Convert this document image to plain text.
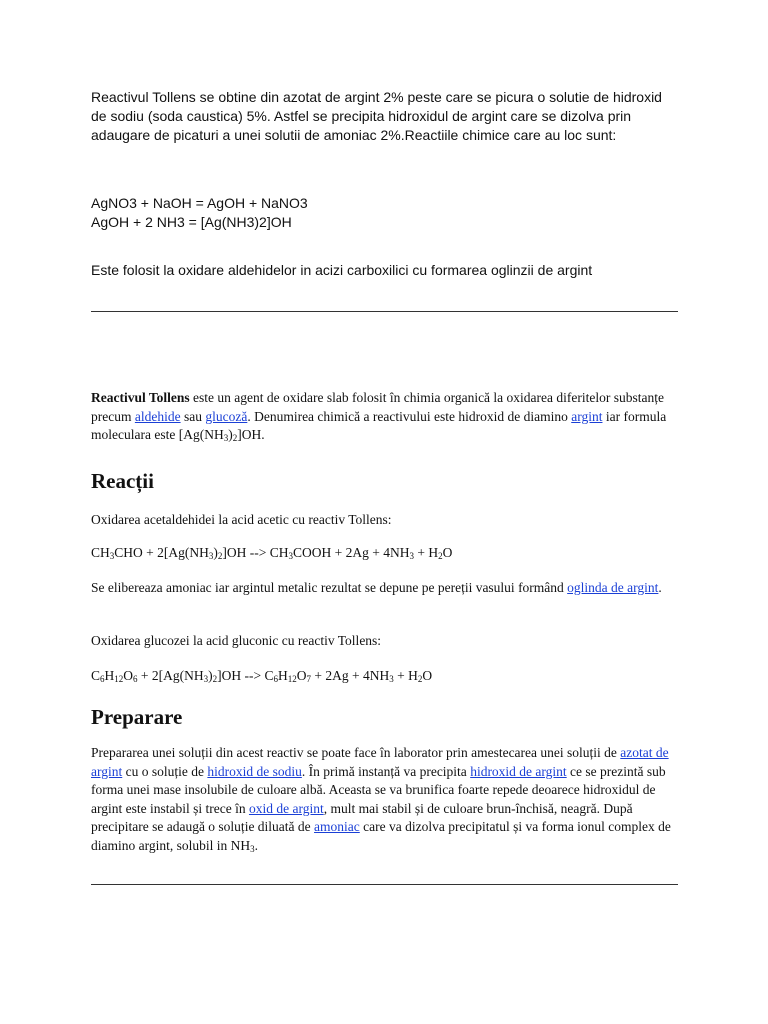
Reactivul Tollens se obtine din azotat de argint 2% peste care se picura o solutie de hidroxid de sodiu (soda caustica) 5%. Astfel se precipita hidroxidul de argint care se dizolva prin adaugare de picaturi a unei solutii de amoniac 2%.Reactiile chimice care au loc sunt:

AgNO3 + NaOH = AgOH + NaNO3
AgOH + 2 NH3 = [Ag(NH3)2]OH

Este folosit la oxidare aldehidelor in acizi carboxilici cu formarea oglinzii de argint

Reactivul Tollens este un agent de oxidare slab folosit în chimia organică la oxidarea diferitelor substanțe precum aldehide sau glucoză. Denumirea chimică a reactivului este hidroxid de diamino argint iar formula moleculara este $[Ag(NH_3)_2]OH$.

Reacții

Oxidarea acetaldehidei la acid acetic cu reactiv Tollens:

$CH_3CHO + 2[Ag(NH_3)_2]OH$ --> $CH_3COOH + 2Ag + 4NH_3 + H_2O$

Se elibereaza amoniac iar argintul metalic rezultat se depune pe pereții vasului formând oglinda de argint.

Oxidarea glucozei la acid gluconic cu reactiv Tollens:

$C_6H_{12}O_6 + 2[Ag(NH_3)_2]OH$ --> $C_6H_{12}O_7 + 2Ag + 4NH_3 + H_2O$

Preparare

Prepararea unei soluții din acest reactiv se poate face în laborator prin amestecarea unei soluții de azotat de argint cu o soluție de hidroxid de sodiu. În primă instanță va precipita hidroxid de argint ce se prezintă sub forma unei mase insolubile de culoare albă. Aceasta se va brunifica foarte repede deoarece hidroxidul de argint este instabil și trece în oxid de argint, mult mai stabil și de culoare brun-închisă, neagră. După precipitare se adaugă o soluție diluată de amoniac care va dizolva precipitatul și va forma ionul complex de diamino argint, solubil in $NH_3$.
